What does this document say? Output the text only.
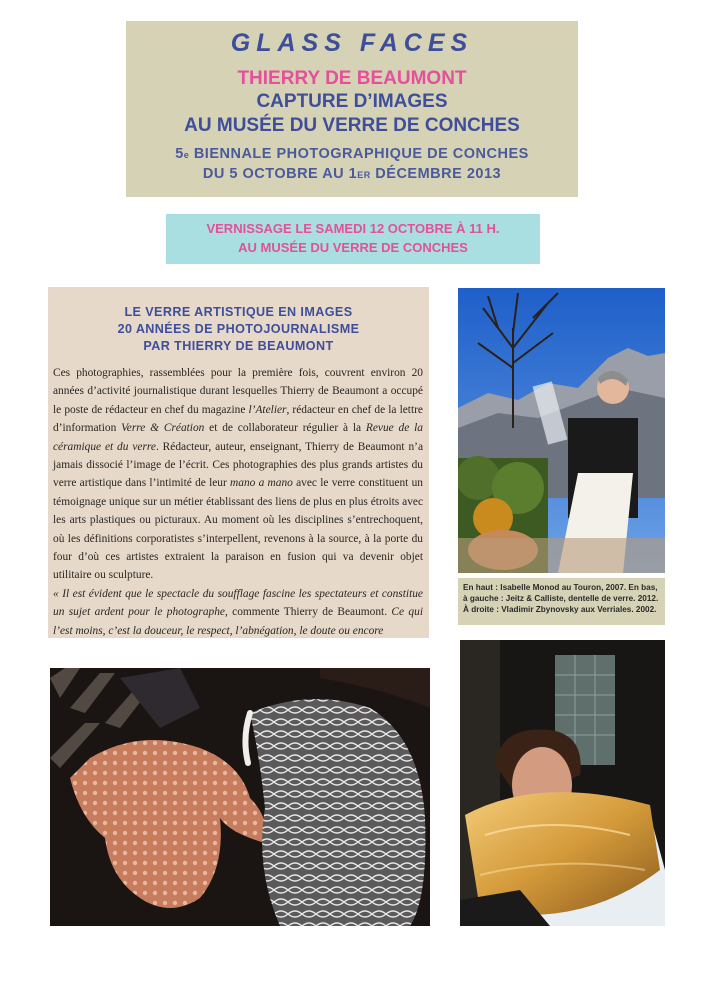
GLASS FACES
THIERRY DE BEAUMONT
CAPTURE D’IMAGES
AU MUSÉE DU VERRE DE CONCHES
5e BIENNALE PHOTOGRAPHIQUE DE CONCHES
DU 5 OCTOBRE AU 1ER DÉCEMBRE 2013
VERNISSAGE LE SAMEDI 12 OCTOBRE À 11 H.
AU MUSÉE DU VERRE DE CONCHES
LE VERRE ARTISTIQUE EN IMAGES
20 ANNÉES DE PHOTOJOURNALISME
PAR THIERRY DE BEAUMONT

Ces photographies, rassemblées pour la première fois, couvrent environ 20 années d’activité journalistique durant lesquelles Thierry de Beaumont a occupé le poste de rédacteur en chef du magazine l’Atelier, rédacteur en chef de la lettre d’information Verre & Création et de collaborateur régulier à la Revue de la céramique et du verre. Rédacteur, auteur, enseignant, Thierry de Beaumont n’a jamais dissocié l’image de l’écrit. Ces photographies des plus grands artistes du verre artistique dans l’intimité de leur mano a mano avec le verre constituent un témoignage unique sur un métier établissant des liens de plus en plus étroits avec les arts plastiques ou picturaux. Au moment où les disciplines s’entrechoquent, où les définitions corporatistes s’interpellent, revenons à la source, à la porte du four d’où ces artistes extraient la paraison en fusion qui va devenir objet utilitaire ou sculpture.

« Il est évident que le spectacle du soufflage fascine les spectateurs et constitue un sujet ardent pour le photographe, commente Thierry de Beaumont. Ce qui l’est moins, c’est la douceur, le respect, l’abnégation, le doute ou encore

En haut : Isabelle Monod au Touron, 2007. En bas, à gauche : Jeitz & Calliste, dentelle de verre. 2012.
À droite : Vladimir Zbynovsky aux Verriales. 2002.
